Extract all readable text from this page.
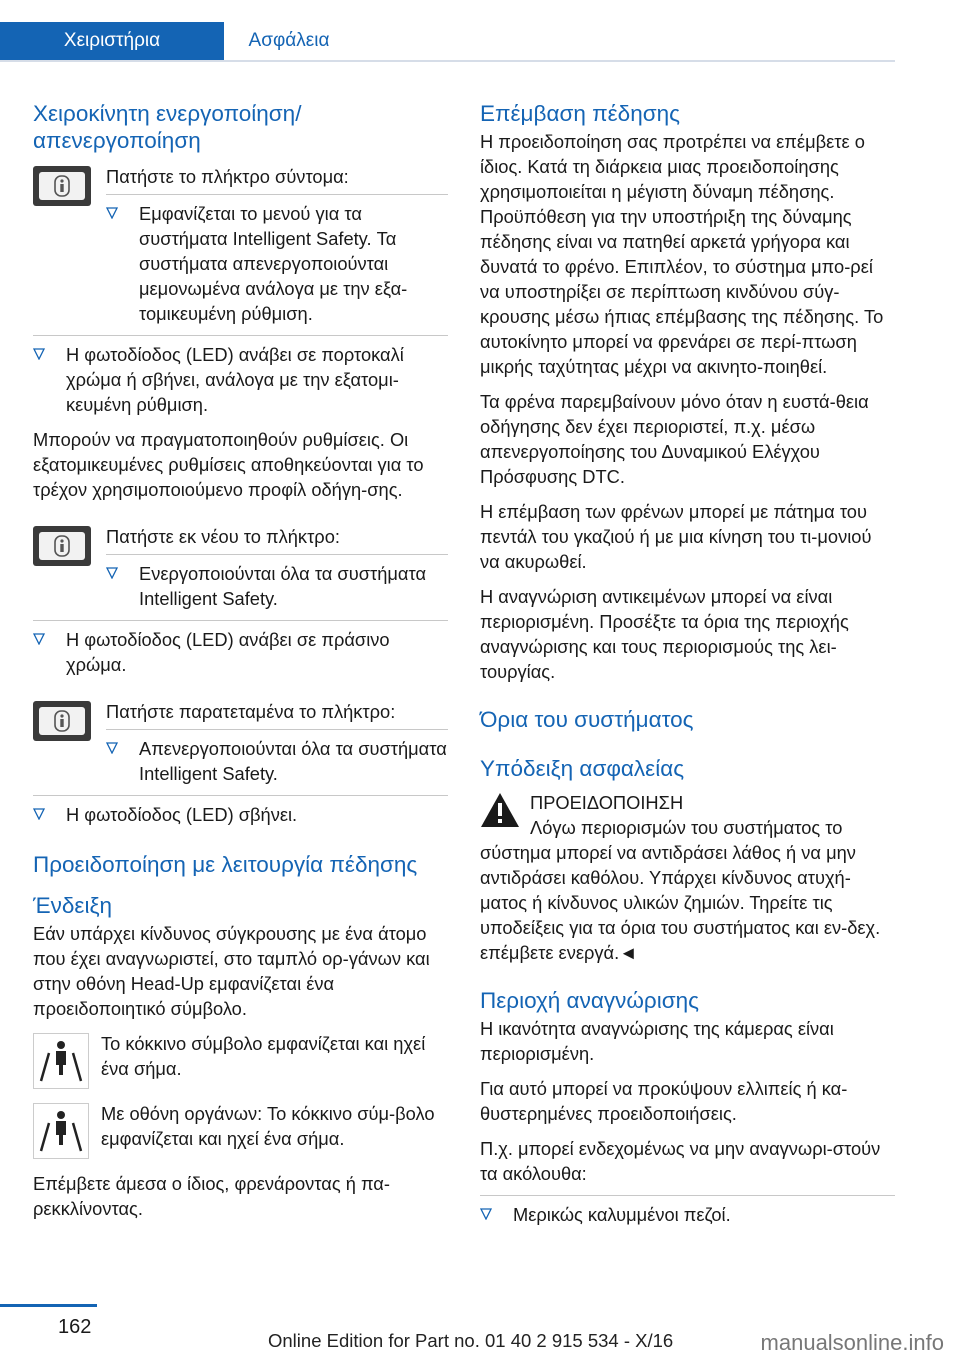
Χειριστήρια	Ασφάλεια
Χειροκίνητη ενεργοποίηση/απενεργοποίηση

Πατήστε το πλήκτρο σύντομα:

Εμφανίζεται το μενού για τα συστήματα Intelligent Safety. Τα συστήματα απενεργοποιούνται μεμονωμένα ανάλογα με την εξα-τομικευμένη ρύθμιση.
Η φωτοδίοδος (LED) ανάβει σε πορτοκαλί χρώμα ή σβήνει, ανάλογα με την εξατομι-κευμένη ρύθμιση.

Μπορούν να πραγματοποιηθούν ρυθμίσεις. Οι εξατομικευμένες ρυθμίσεις αποθηκεύονται για το τρέχον χρησιμοποιούμενο προφίλ οδήγη-σης.

Πατήστε εκ νέου το πλήκτρο:

Ενεργοποιούνται όλα τα συστήματα Intelligent Safety.
Η φωτοδίοδος (LED) ανάβει σε πράσινο χρώμα.

Πατήστε παρατεταμένα το πλήκτρο:

Απενεργοποιούνται όλα τα συστήματα Intelligent Safety.
Η φωτοδίοδος (LED) σβήνει.
Προειδοποίηση με λειτουργία πέδησης
Ένδειξη

Εάν υπάρχει κίνδυνος σύγκρουσης με ένα άτομο που έχει αναγνωριστεί, στο ταμπλό ορ-γάνων και στην οθόνη Head-Up εμφανίζεται ένα προειδοποιητικό σύμβολο.

Το κόκκινο σύμβολο εμφανίζεται και ηχεί ένα σήμα.

Με οθόνη οργάνων: Το κόκκινο σύμ-βολο εμφανίζεται και ηχεί ένα σήμα.

Επέμβετε άμεσα ο ίδιος, φρενάροντας ή πα-ρεκκλίνοντας.

Επέμβαση πέδησης

Η προειδοποίηση σας προτρέπει να επέμβετε ο ίδιος. Κατά τη διάρκεια μιας προειδοποίησης χρησιμοποιείται η μέγιστη δύναμη πέδησης. Προϋπόθεση για την υποστήριξη της δύναμης πέδησης είναι να πατηθεί αρκετά γρήγορα και δυνατά το φρένο. Επιπλέον, το σύστημα μπο-ρεί να υποστηρίξει σε περίπτωση κινδύνου σύγ-κρουσης μέσω ήπιας επέμβασης της πέδησης. Το αυτοκίνητο μπορεί να φρενάρει σε περί-πτωση μικρής ταχύτητας μέχρι να ακινητο-ποιηθεί.

Τα φρένα παρεμβαίνουν μόνο όταν η ευστά-θεια οδήγησης δεν έχει περιοριστεί, π.χ. μέσω απενεργοποίησης του Δυναμικού Ελέγχου Πρόσφυσης DTC.

Η επέμβαση των φρένων μπορεί με πάτημα του πεντάλ του γκαζιού ή με μια κίνηση του τι-μονιού να ακυρωθεί.

Η αναγνώριση αντικειμένων μπορεί να είναι περιορισμένη. Προσέξτε τα όρια της περιοχής αναγνώρισης και τους περιορισμούς της λει-τουργίας.

Όρια του συστήματος
Υπόδειξη ασφαλείας

ΠΡΟΕΙΔΟΠΟΙΗΣΗ

Λόγω περιορισμών του συστήματος το σύστημα μπορεί να αντιδράσει λάθος ή να μην αντιδράσει καθόλου. Υπάρχει κίνδυνος ατυχή-ματος ή κίνδυνος υλικών ζημιών. Τηρείτε τις υποδείξεις για τα όρια του συστήματος και εν-δεχ. επέμβετε ενεργά.◄

Περιοχή αναγνώρισης

Η ικανότητα αναγνώρισης της κάμερας είναι περιορισμένη.

Για αυτό μπορεί να προκύψουν ελλιπείς ή κα-θυστερημένες προειδοποιήσεις.

Π.χ. μπορεί ενδεχομένως να μην αναγνωρι-στούν τα ακόλουθα:

Μερικώς καλυμμένοι πεζοί.
162
Online Edition for Part no. 01 40 2 915 534 - X/16	manualsonline.info
